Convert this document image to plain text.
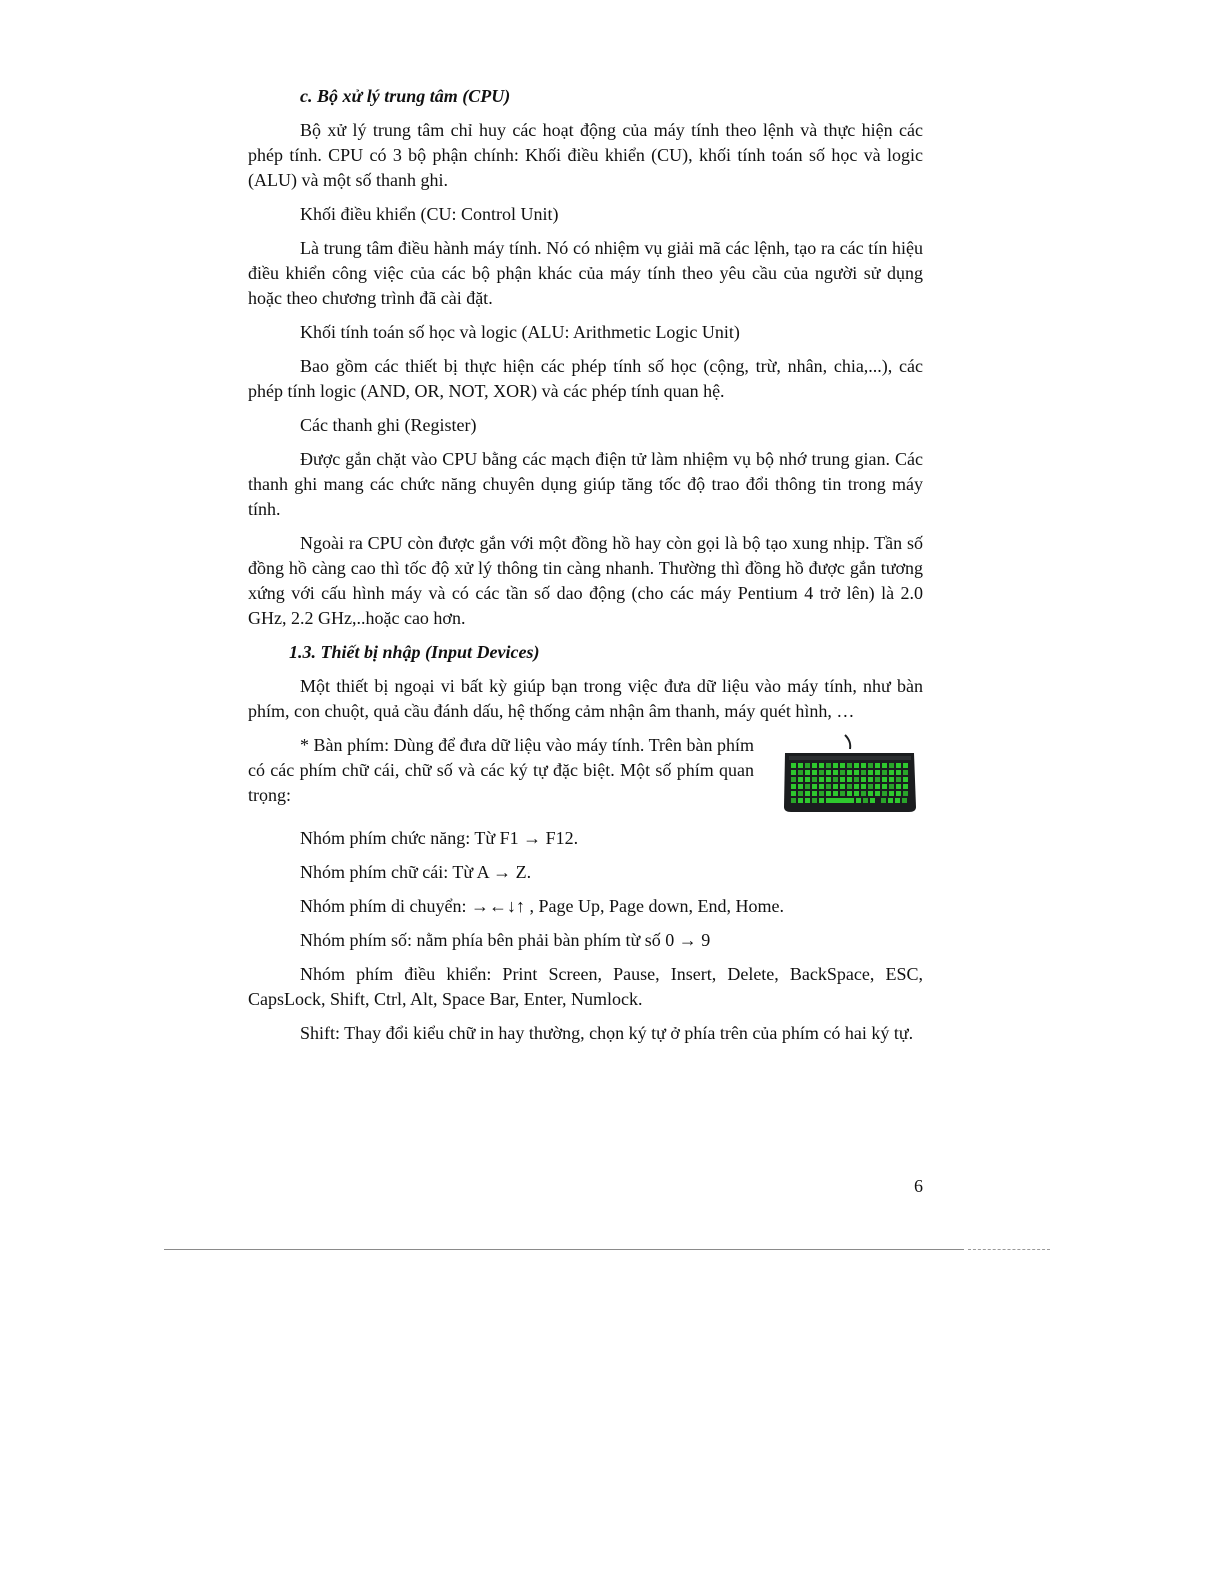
c. Bộ xử lý trung tâm (CPU)

Bộ xử lý trung tâm chỉ huy các hoạt động của máy tính theo lệnh và thực hiện các phép tính. CPU có 3 bộ phận chính: Khối điều khiển (CU), khối tính toán số học và logic (ALU) và một số thanh ghi.

Khối điều khiển (CU: Control Unit)

Là trung tâm điều hành máy tính. Nó có nhiệm vụ giải mã các lệnh, tạo ra các tín hiệu điều khiển công việc của các bộ phận khác của máy tính theo yêu cầu của người sử dụng hoặc theo chương trình đã cài đặt.

Khối tính toán số học và logic (ALU: Arithmetic Logic Unit)

Bao gồm các thiết bị thực hiện các phép tính số học (cộng, trừ, nhân, chia,...), các phép tính logic (AND, OR, NOT, XOR) và các phép tính quan hệ.

Các thanh ghi (Register)

Được gắn chặt vào CPU bằng các mạch điện tử làm nhiệm vụ bộ nhớ trung gian. Các thanh ghi mang các chức năng chuyên dụng giúp tăng tốc độ trao đổi thông tin trong máy tính.

Ngoài ra CPU còn được gắn với một đồng hồ hay còn gọi là bộ tạo xung nhịp. Tần số đồng hồ càng cao thì tốc độ xử lý thông tin càng nhanh. Thường thì đồng hồ được gắn tương xứng với cấu hình máy và có các tần số dao động (cho các máy Pentium 4 trở lên) là 2.0 GHz, 2.2 GHz,..hoặc cao hơn.

1.3. Thiết bị nhập (Input Devices)

Một thiết bị ngoại vi bất kỳ giúp bạn trong việc đưa dữ liệu vào máy tính, như bàn phím, con chuột, quả cầu đánh dấu, hệ thống cảm nhận âm thanh, máy quét hình, …

* Bàn phím: Dùng để đưa dữ liệu vào máy tính. Trên bàn phím có các phím chữ cái, chữ số và các ký tự đặc biệt. Một số phím quan trọng:

Nhóm phím chức năng: Từ F1 → F12.

Nhóm phím chữ cái: Từ A → Z.

Nhóm phím di chuyển: →←↓↑ , Page Up, Page down, End, Home.

Nhóm phím số: nằm phía bên phải bàn phím từ số 0 → 9

Nhóm phím điều khiển: Print Screen, Pause, Insert, Delete, BackSpace, ESC, CapsLock, Shift, Ctrl, Alt, Space Bar, Enter, Numlock.

Shift: Thay đổi kiểu chữ in hay thường, chọn ký tự ở phía trên của phím có hai ký tự.

6
